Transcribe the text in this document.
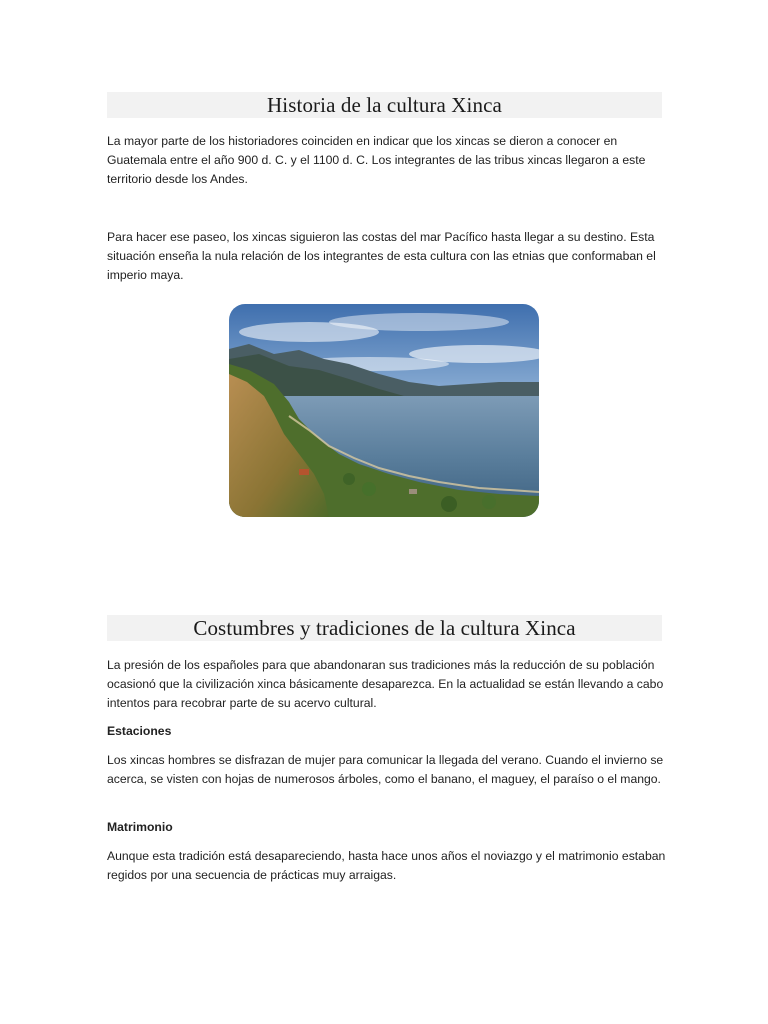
Historia de la cultura Xinca

La mayor parte de los historiadores coinciden en indicar que los xincas se dieron a conocer en Guatemala entre el año 900 d. C. y el 1100 d. C. Los integrantes de las tribus xincas llegaron a este territorio desde los Andes.

Para hacer ese paseo, los xincas siguieron las costas del mar Pacífico hasta llegar a su destino. Esta situación enseña la nula relación de los integrantes de esta cultura con las etnias que conformaban el imperio maya.

Costumbres y tradiciones de la cultura Xinca

La presión de los españoles para que abandonaran sus tradiciones más la reducción de su población ocasionó que la civilización xinca básicamente desaparezca. En la actualidad se están llevando a cabo intentos para recobrar parte de su acervo cultural.

Estaciones

Los xincas hombres se disfrazan de mujer para comunicar la llegada del verano. Cuando el invierno se acerca, se visten con hojas de numerosos árboles, como el banano, el maguey, el paraíso o el mango.

Matrimonio

Aunque esta tradición está desapareciendo, hasta hace unos años el noviazgo y el matrimonio estaban regidos por una secuencia de prácticas muy arraigas.
